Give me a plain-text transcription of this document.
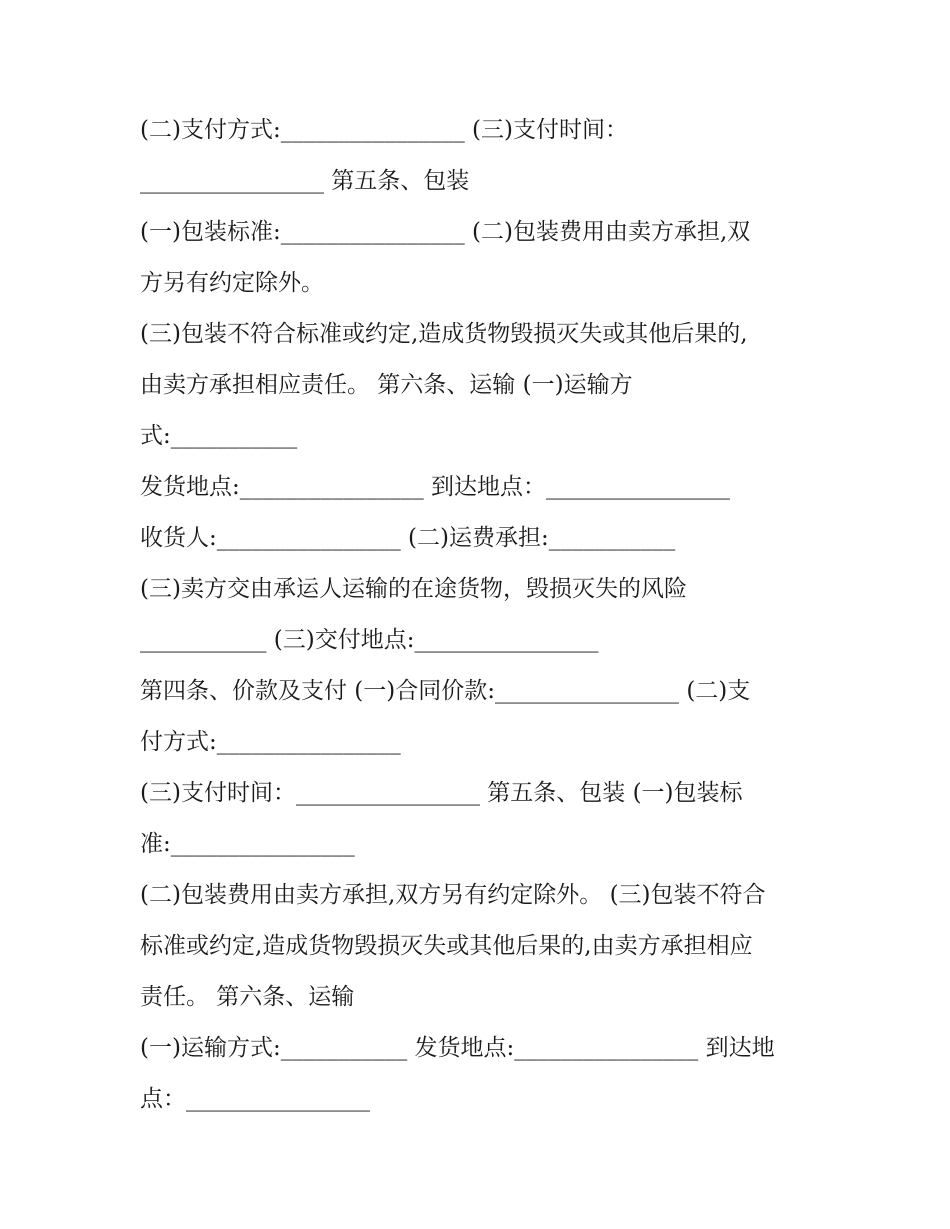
(二)支付方式:________________ (三)支付时间：
________________ 第五条、包装
(一)包装标准:________________ (二)包装费用由卖方承担,双
方另有约定除外。
(三)包装不符合标准或约定,造成货物毁损灭失或其他后果的,
由卖方承担相应责任。 第六条、运输 (一)运输方
式:___________
发货地点:________________ 到达地点：________________
收货人:________________ (二)运费承担:___________
(三)卖方交由承运人运输的在途货物，毁损灭失的风险
___________ (三)交付地点:________________
第四条、价款及支付 (一)合同价款:________________ (二)支
付方式:________________
(三)支付时间：________________ 第五条、包装 (一)包装标
准:________________
(二)包装费用由卖方承担,双方另有约定除外。 (三)包装不符合
标准或约定,造成货物毁损灭失或其他后果的,由卖方承担相应
责任。 第六条、运输
(一)运输方式:___________ 发货地点:________________ 到达地
点：________________
